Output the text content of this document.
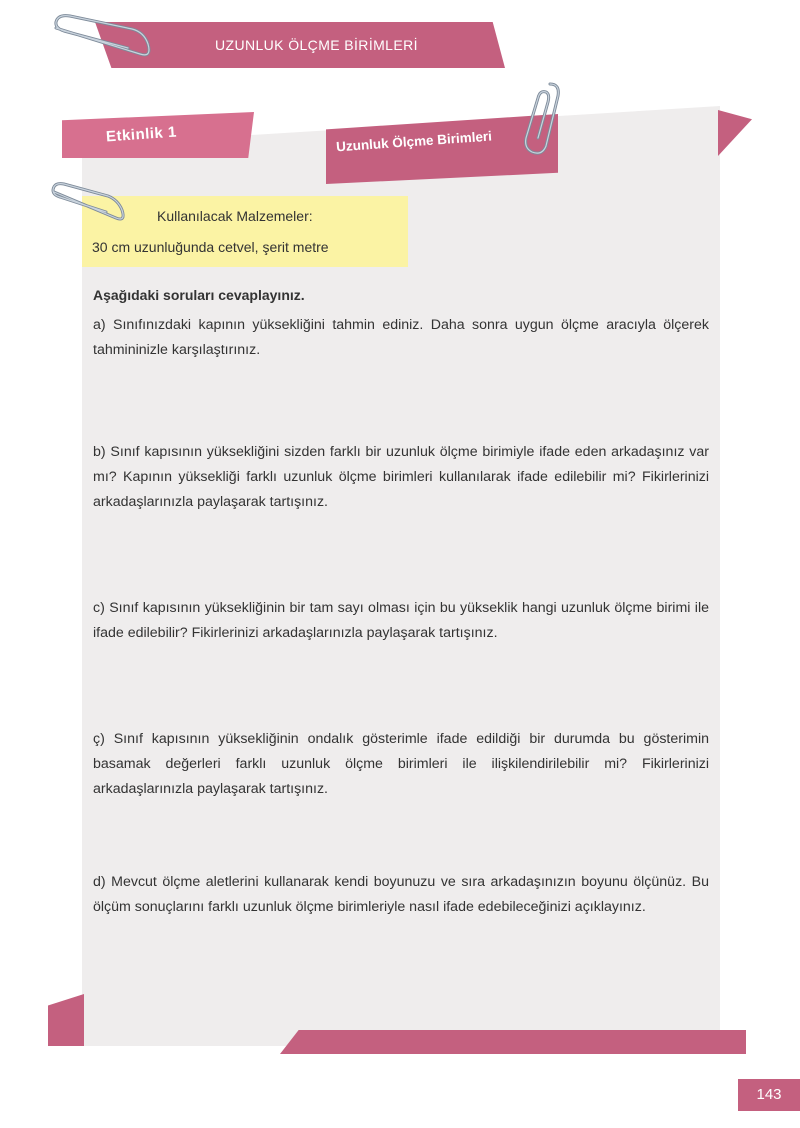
UZUNLUK ÖLÇME BİRİMLERİ
Etkinlik 1	Uzunluk Ölçme Birimleri
Kullanılacak Malzemeler:
30 cm uzunluğunda cetvel, şerit metre
Aşağıdaki soruları cevaplayınız.

a) Sınıfınızdaki kapının yüksekliğini tahmin ediniz. Daha sonra uygun ölçme aracıyla ölçerek tahmininizle karşılaştırınız.

b) Sınıf kapısının yüksekliğini sizden farklı bir uzunluk ölçme birimiyle ifade eden arkadaşınız var mı? Kapının yüksekliği farklı uzunluk ölçme birimleri kullanılarak ifade edilebilir mi? Fikirlerinizi arkadaşlarınızla paylaşarak tartışınız.

c) Sınıf kapısının yüksekliğinin bir tam sayı olması için bu yükseklik hangi uzunluk ölçme birimi ile ifade edilebilir? Fikirlerinizi arkadaşlarınızla paylaşarak tartışınız.

ç) Sınıf kapısının yüksekliğinin ondalık gösterimle ifade edildiği bir durumda bu gösterimin basamak değerleri farklı uzunluk ölçme birimleri ile ilişkilendirilebilir mi? Fikirlerinizi arkadaşlarınızla paylaşarak tartışınız.

d) Mevcut ölçme aletlerini kullanarak kendi boyunuzu ve sıra arkadaşınızın boyunu ölçünüz. Bu ölçüm sonuçlarını farklı uzunluk ölçme birimleriyle nasıl ifade edebileceğinizi açıklayınız.

143
